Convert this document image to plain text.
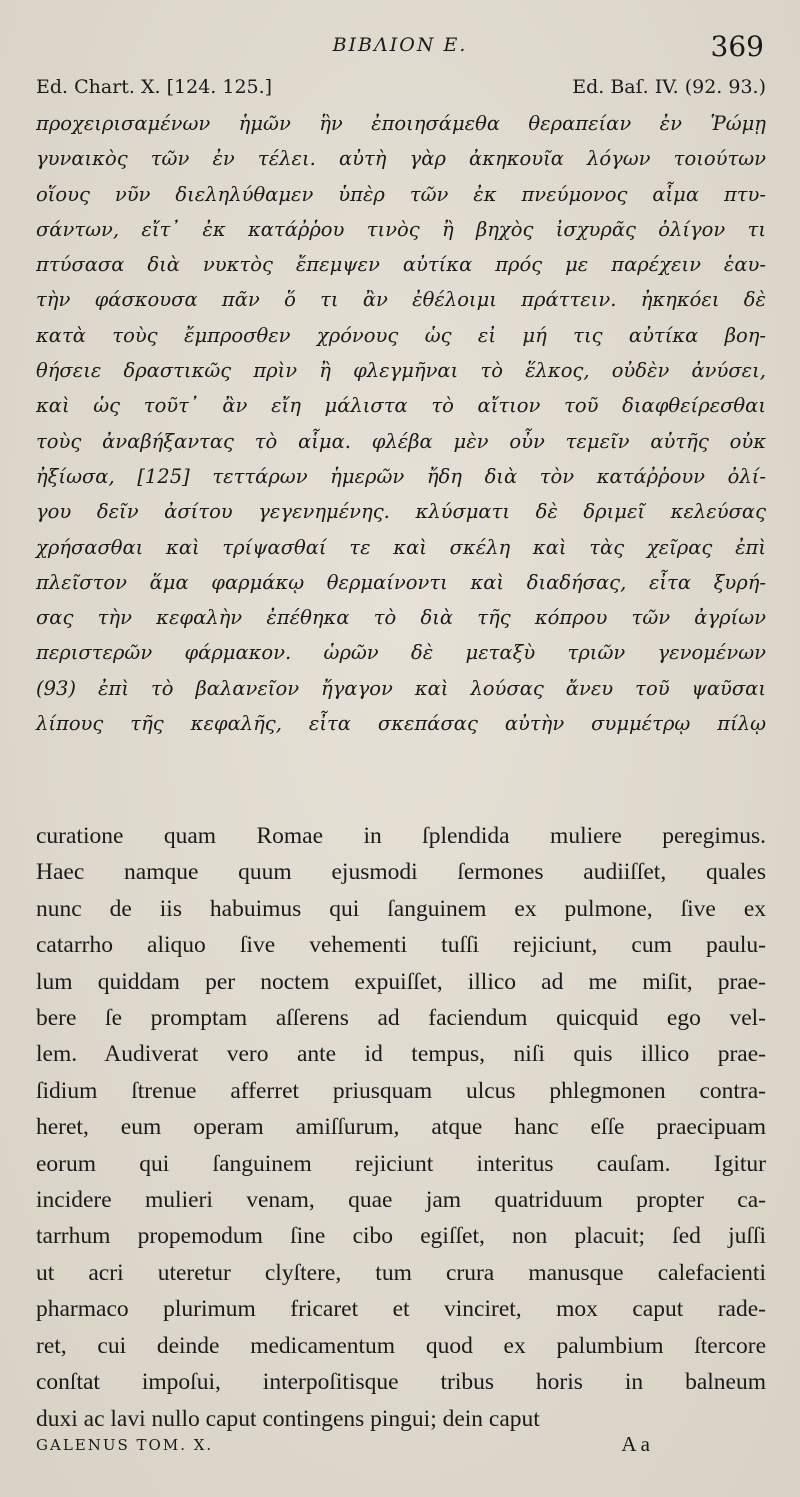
ΒΙΒΛΙΟΝ Ε.	369
Ed. Chart. X. [124. 125.]	Ed. Baſ. IV. (92. 93.)
προχειρισαμένων ἡμῶν ἣν ἐποιησάμεθα θεραπείαν ἐν Ῥώμῃ
γυναικὸς τῶν ἐν τέλει. αὐτὴ γὰρ ἀκηκουῖα λόγων τοιούτων
οἵους νῦν διεληλύθαμεν ὑπὲρ τῶν ἐκ πνεύμονος αἷμα πτυ-
σάντων, εἴτ᾽ ἐκ κατάῤῥου τινὸς ἢ βηχὸς ἰσχυρᾶς ὀλίγον τι
πτύσασα διὰ νυκτὸς ἔπεμψεν αὐτίκα πρός με παρέχειν ἑαυ-
τὴν φάσκουσα πᾶν ὅ τι ἂν ἐθέλοιμι πράττειν. ἠκηκόει δὲ
κατὰ τοὺς ἔμπροσθεν χρόνους ὡς εἰ μή τις αὐτίκα βοη-
θήσειε δραστικῶς πρὶν ἢ φλεγμῆναι τὸ ἕλκος, οὐδὲν ἀνύσει,
καὶ ὡς τοῦτ᾽ ἂν εἴη μάλιστα τὸ αἴτιον τοῦ διαφθείρεσθαι
τοὺς ἀναβήξαντας τὸ αἷμα. φλέβα μὲν οὖν τεμεῖν αὐτῆς οὐκ
ἠξίωσα, [125] τεττάρων ἡμερῶν ἤδη διὰ τὸν κατάῤῥουν ὀλί-
γου δεῖν ἀσίτου γεγενημένης. κλύσματι δὲ δριμεῖ κελεύσας
χρήσασθαι καὶ τρίψασθαί τε καὶ σκέλη καὶ τὰς χεῖρας ἐπὶ
πλεῖστον ἅμα φαρμάκῳ θερμαίνοντι καὶ διαδήσας, εἶτα ξυρή-
σας τὴν κεφαλὴν ἐπέθηκα τὸ διὰ τῆς κόπρου τῶν ἀγρίων
περιστερῶν φάρμακον. ὡρῶν δὲ μεταξὺ τριῶν γενομένων
(93) ἐπὶ τὸ βαλανεῖον ἤγαγον καὶ λούσας ἄνευ τοῦ ψαῦσαι
λίπους τῆς κεφαλῆς, εἶτα σκεπάσας αὐτὴν συμμέτρῳ πίλῳ
curatione quam Romae in ſplendida muliere peregimus.
Haec namque quum ejusmodi ſermones audiiſſet, quales
nunc de iis habuimus qui ſanguinem ex pulmone, ſive ex
catarrho aliquo ſive vehementi tuſſi rejiciunt, cum paulu-
lum quiddam per noctem expuiſſet, illico ad me miſit, prae-
bere ſe promptam aſſerens ad faciendum quicquid ego vel-
lem. Audiverat vero ante id tempus, niſi quis illico prae-
ſidium ſtrenue afferret priusquam ulcus phlegmonen contra-
heret, eum operam amiſſurum, atque hanc eſſe praecipuam
eorum qui ſanguinem rejiciunt interitus cauſam. Igitur
incidere mulieri venam, quae jam quatriduum propter ca-
tarrhum propemodum ſine cibo egiſſet, non placuit; ſed juſſi
ut acri uteretur clyſtere, tum crura manusque calefacienti
pharmaco plurimum fricaret et vinciret, mox caput rade-
ret, cui deinde medicamentum quod ex palumbium ſtercore
conſtat impoſui, interpoſitisque tribus horis in balneum
duxi ac lavi nullo caput contingens pingui; dein caput
GALENUS TOM. X.	A a
